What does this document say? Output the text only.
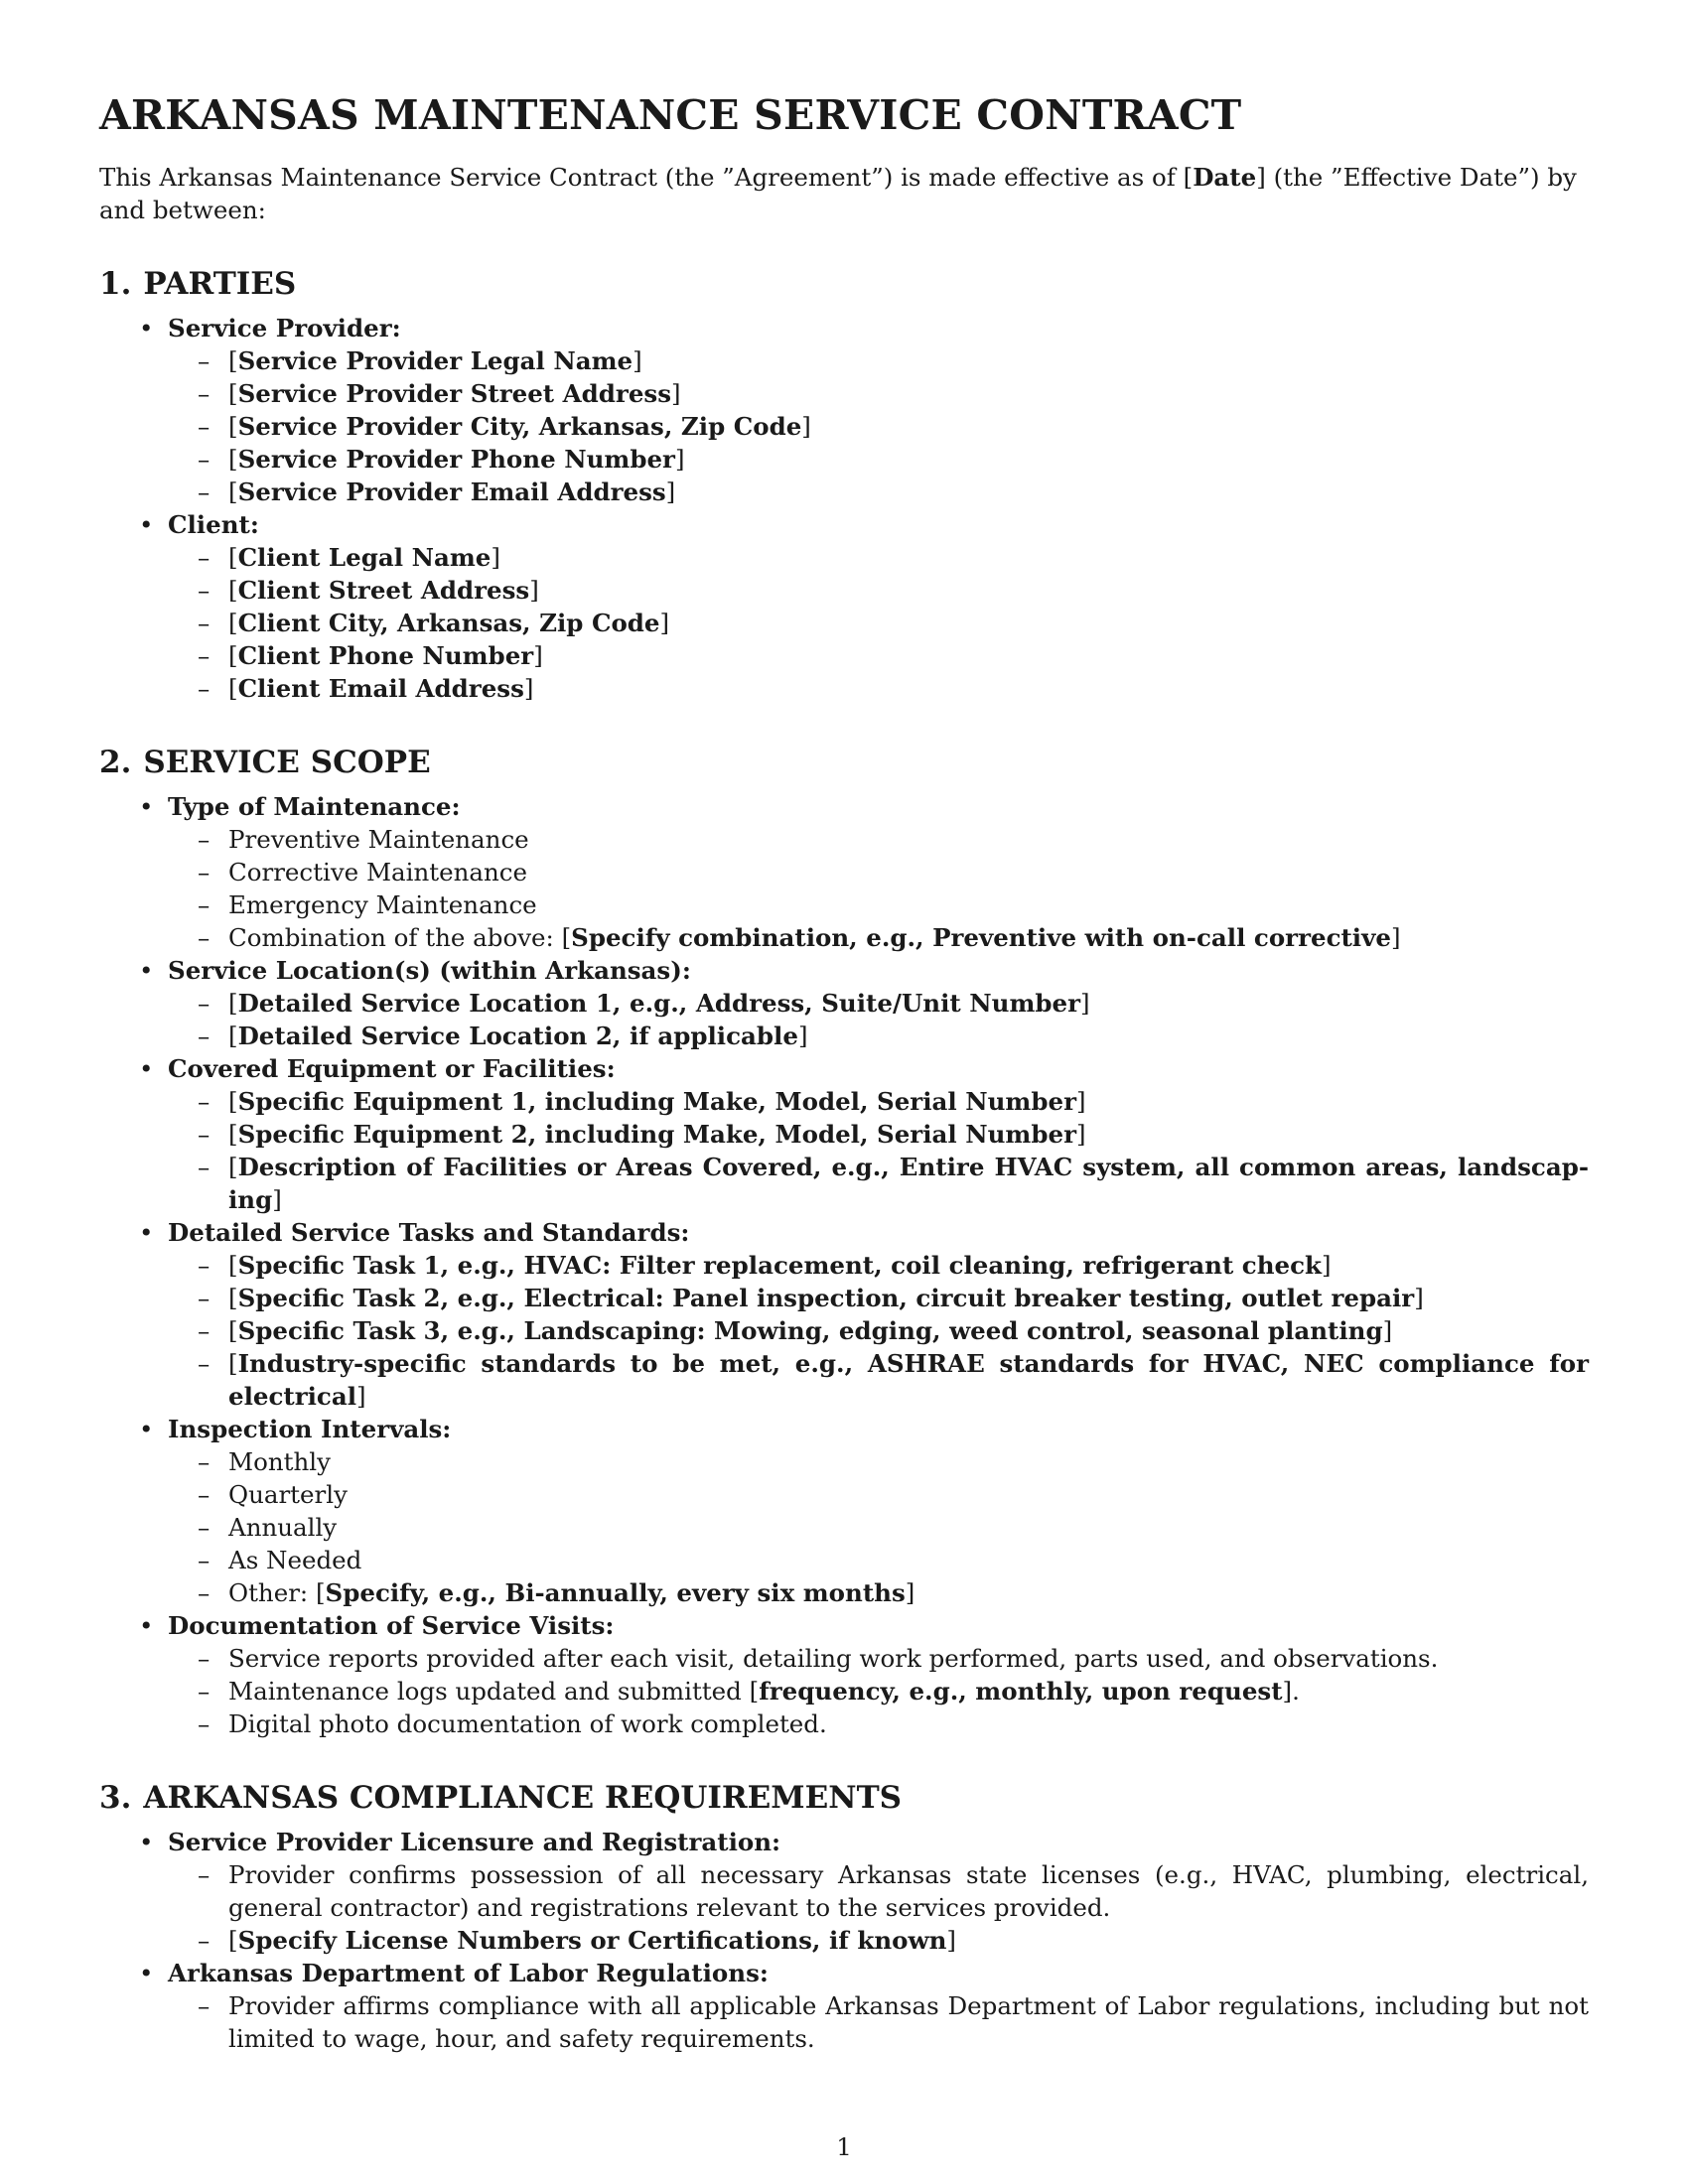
ARKANSAS MAINTENANCE SERVICE CONTRACT

This Arkansas Maintenance Service Contract (the ”Agreement”) is made effective as of [Date] (the ”Effective Date”) by and between:

1. PARTIES
• Service Provider:
– [Service Provider Legal Name]
– [Service Provider Street Address]
– [Service Provider City, Arkansas, Zip Code]
– [Service Provider Phone Number]
– [Service Provider Email Address]
• Client:
– [Client Legal Name]
– [Client Street Address]
– [Client City, Arkansas, Zip Code]
– [Client Phone Number]
– [Client Email Address]
2. SERVICE SCOPE
• Type of Maintenance:
– Preventive Maintenance
– Corrective Maintenance
– Emergency Maintenance
– Combination of the above: [Specify combination, e.g., Preventive with on-call corrective]
• Service Location(s) (within Arkansas):
– [Detailed Service Location 1, e.g., Address, Suite/Unit Number]
– [Detailed Service Location 2, if applicable]
• Covered Equipment or Facilities:
– [Specific Equipment 1, including Make, Model, Serial Number]
– [Specific Equipment 2, including Make, Model, Serial Number]
– [Description of Facilities or Areas Covered, e.g., Entire HVAC system, all common areas, landscap-ing]
• Detailed Service Tasks and Standards:
– [Specific Task 1, e.g., HVAC: Filter replacement, coil cleaning, refrigerant check]
– [Specific Task 2, e.g., Electrical: Panel inspection, circuit breaker testing, outlet repair]
– [Specific Task 3, e.g., Landscaping: Mowing, edging, weed control, seasonal planting]
– [Industry-specific standards to be met, e.g., ASHRAE standards for HVAC, NEC compliance for electrical]
• Inspection Intervals:
– Monthly
– Quarterly
– Annually
– As Needed
– Other: [Specify, e.g., Bi-annually, every six months]
• Documentation of Service Visits:
– Service reports provided after each visit, detailing work performed, parts used, and observations.
– Maintenance logs updated and submitted [frequency, e.g., monthly, upon request].
– Digital photo documentation of work completed.
3. ARKANSAS COMPLIANCE REQUIREMENTS
• Service Provider Licensure and Registration:
– Provider confirms possession of all necessary Arkansas state licenses (e.g., HVAC, plumbing, electrical, general contractor) and registrations relevant to the services provided.
– [Specify License Numbers or Certifications, if known]
• Arkansas Department of Labor Regulations:
– Provider affirms compliance with all applicable Arkansas Department of Labor regulations, including but not limited to wage, hour, and safety requirements.
1
